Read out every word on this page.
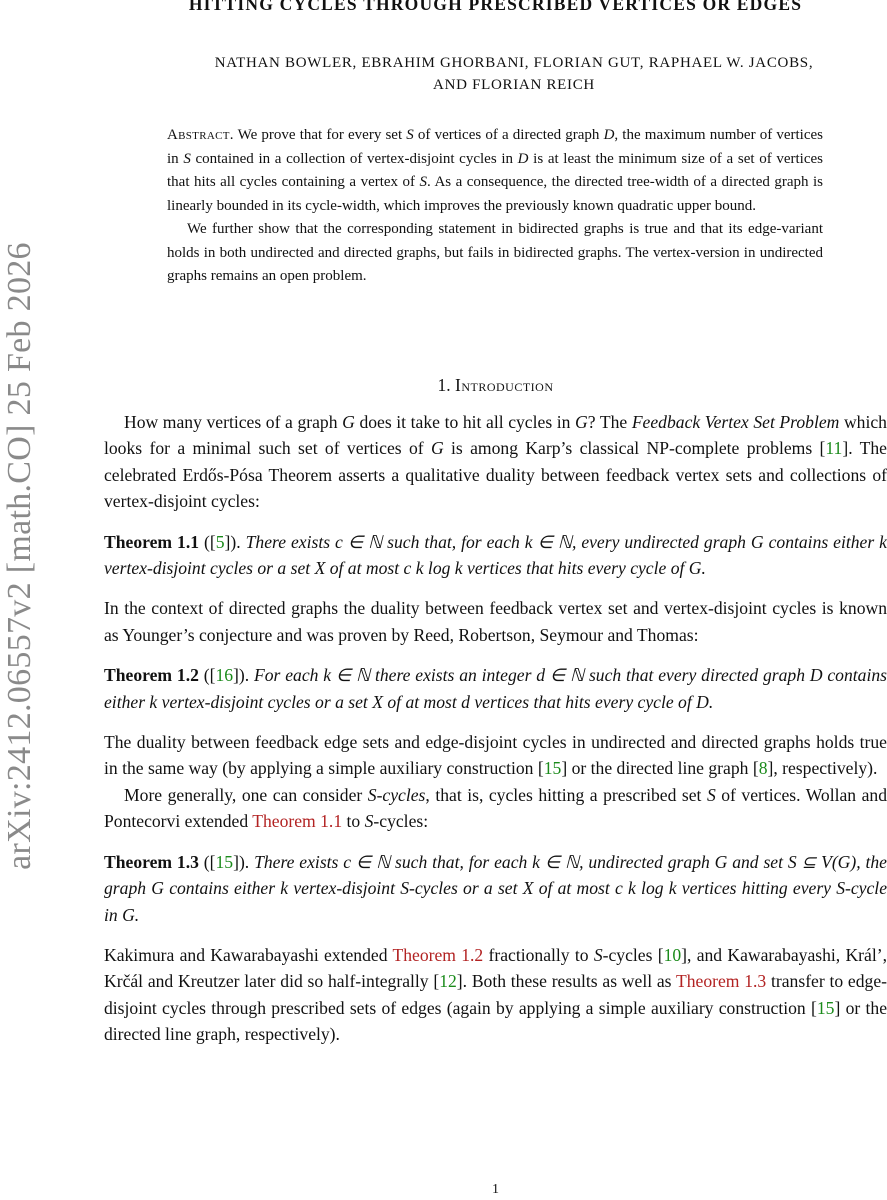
arXiv:2412.06557v2 [math.CO] 25 Feb 2026
HITTING CYCLES THROUGH PRESCRIBED VERTICES OR EDGES
NATHAN BOWLER, EBRAHIM GHORBANI, FLORIAN GUT, RAPHAEL W. JACOBS,
AND FLORIAN REICH

Abstract. We prove that for every set S of vertices of a directed graph D, the maximum number of vertices in S contained in a collection of vertex-disjoint cycles in D is at least the minimum size of a set of vertices that hits all cycles containing a vertex of S. As a consequence, the directed tree-width of a directed graph is linearly bounded in its cycle-width, which improves the previously known quadratic upper bound.

We further show that the corresponding statement in bidirected graphs is true and that its edge-variant holds in both undirected and directed graphs, but fails in bidirected graphs. The vertex-version in undirected graphs remains an open problem.

1. Introduction

How many vertices of a graph G does it take to hit all cycles in G? The Feedback Vertex Set Problem which looks for a minimal such set of vertices of G is among Karp’s classical NP-complete problems [11]. The celebrated Erdős-Pósa Theorem asserts a qualitative duality between feedback vertex sets and collections of vertex-disjoint cycles:

Theorem 1.1 ([5]). There exists c ∈ ℕ such that, for each k ∈ ℕ, every undirected graph G contains either k vertex-disjoint cycles or a set X of at most c k log k vertices that hits every cycle of G.

In the context of directed graphs the duality between feedback vertex set and vertex-disjoint cycles is known as Younger’s conjecture and was proven by Reed, Robertson, Seymour and Thomas:

Theorem 1.2 ([16]). For each k ∈ ℕ there exists an integer d ∈ ℕ such that every directed graph D contains either k vertex-disjoint cycles or a set X of at most d vertices that hits every cycle of D.

The duality between feedback edge sets and edge-disjoint cycles in undirected and directed graphs holds true in the same way (by applying a simple auxiliary construction [15] or the directed line graph [8], respectively).

More generally, one can consider S-cycles, that is, cycles hitting a prescribed set S of vertices. Wollan and Pontecorvi extended Theorem 1.1 to S-cycles:

Theorem 1.3 ([15]). There exists c ∈ ℕ such that, for each k ∈ ℕ, undirected graph G and set S ⊆ V(G), the graph G contains either k vertex-disjoint S-cycles or a set X of at most c k log k vertices hitting every S-cycle in G.

Kakimura and Kawarabayashi extended Theorem 1.2 fractionally to S-cycles [10], and Kawarabayashi, Král’, Krčál and Kreutzer later did so half-integrally [12]. Both these results as well as Theorem 1.3 transfer to edge-disjoint cycles through prescribed sets of edges (again by applying a simple auxiliary construction [15] or the directed line graph, respectively).

1
